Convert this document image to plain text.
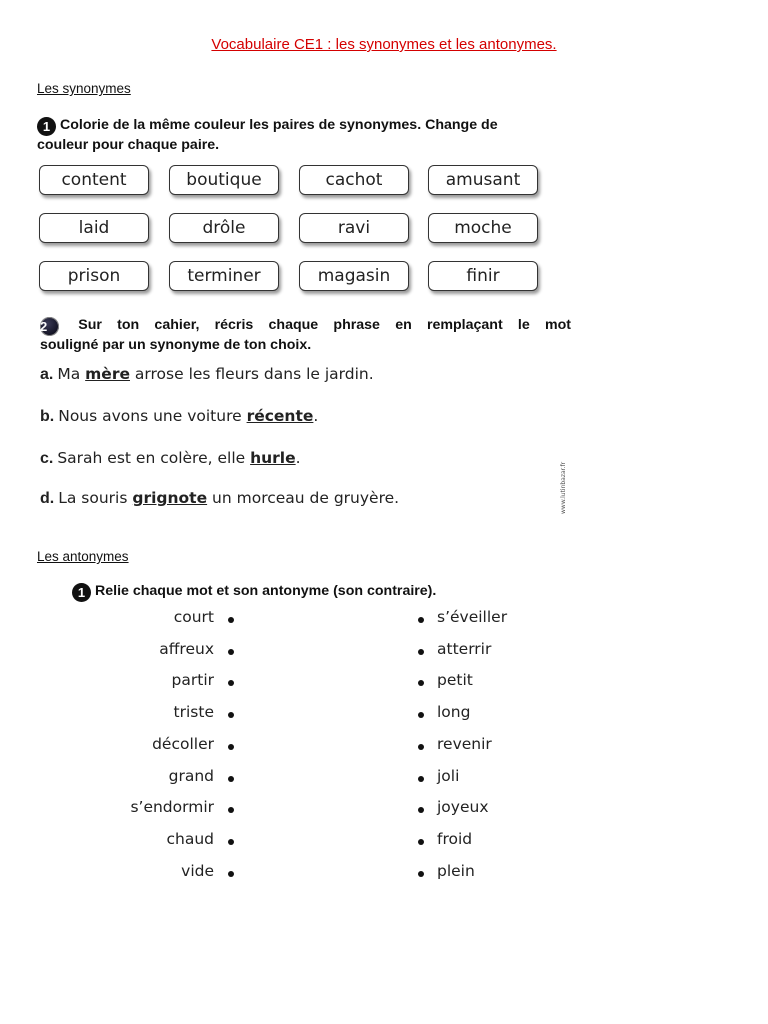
Vocabulaire CE1 : les synonymes et les antonymes.
Les synonymes
1 Colorie de la même couleur les paires de synonymes. Change de
couleur pour chaque paire.
content	boutique	cachot	amusant
laid	drôle	ravi	moche
prison	terminer	magasin	finir
2 Sur ton cahier, récris chaque phrase en remplaçant le mot
souligné par un synonyme de ton choix.
a. Ma mère arrose les fleurs dans le jardin.
b. Nous avons une voiture récente.
c. Sarah est en colère, elle hurle.
d. La souris grignote un morceau de gruyère.	www.lutinbazar.fr
Les antonymes
1 Relie chaque mot et son antonyme (son contraire).
court	s’éveiller
affreux	atterrir
partir	petit
triste	long
décoller	revenir
grand	joli
s’endormir	joyeux
chaud	froid
vide	plein
